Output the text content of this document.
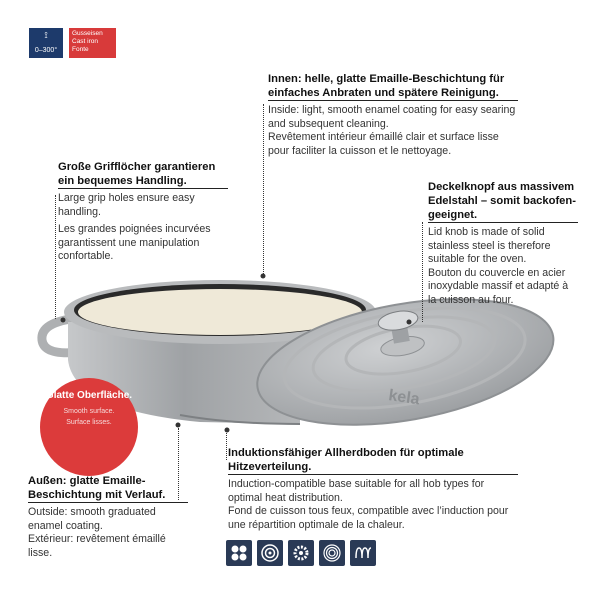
⟟
0–300°
Gusseisen
Cast iron
Fonte
kela
Innen: helle, glatte Emaille-Beschichtung für einfaches Anbraten und spätere Reinigung.
Inside: light, smooth enamel coating for easy searing and subsequent cleaning.
Revêtement intérieur émaillé clair et surface lisse pour faciliter la cuisson et le nettoyage.
Große Grifflöcher garantieren ein bequemes Handling.
Large grip holes ensure easy handling.
Les grandes poignées incurvées garantissent une manipulation confortable.
Deckelknopf aus massivem Edelstahl – somit backofen-geeignet.
Lid knob is made of solid stainless steel is therefore suitable for the oven.
Bouton du couvercle en acier inoxydable massif et adapté à la cuisson au four.
Glatte Oberfläche.
Smooth surface.
Surface lisses.
Außen: glatte Emaille-Beschichtung mit Verlauf.
Outside: smooth graduated enamel coating.
Extérieur: revêtement émaillé lisse.
Induktionsfähiger Allherdboden für optimale Hitzeverteilung.
Induction-compatible base suitable for all hob types for optimal heat distribution.
Fond de cuisson tous feux, compatible avec l’induction pour une répartition optimale de la chaleur.
